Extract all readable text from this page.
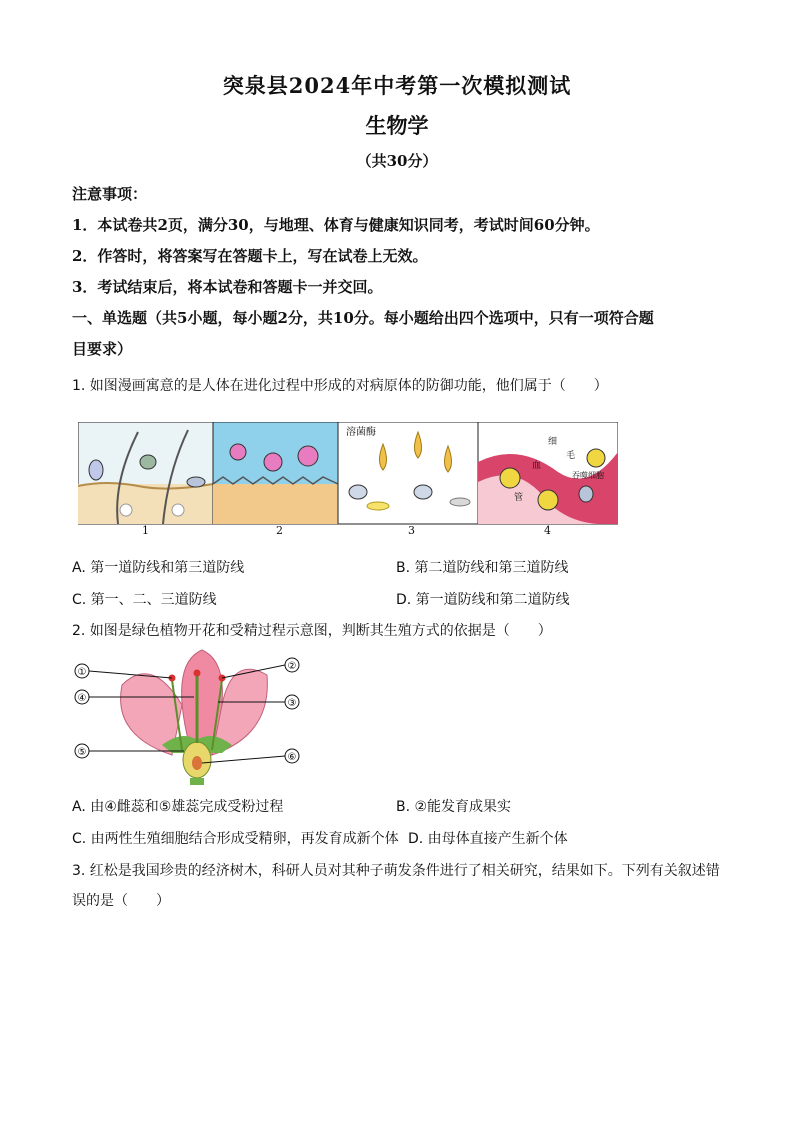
突泉县2024年中考第一次模拟测试
生物学
（共30分）
注意事项：
1．本试卷共2页，满分30，与地理、体育与健康知识同考，考试时间60分钟。
2．作答时，将答案写在答题卡上，写在试卷上无效。
3．考试结束后，将本试卷和答题卡一并交回。
一、单选题（共5小题，每小题2分，共10分。每小题给出四个选项中，只有一项符合题
目要求）
1. 如图漫画寓意的是人体在进化过程中形成的对病原体的防御功能，他们属于（　　）
溶菌酶
细
毛
血
管
吞噬细胞
1	2	3	4
A. 第一道防线和第三道防线	B. 第二道防线和第三道防线
C. 第一、二、三道防线	D. 第一道防线和第二道防线
2. 如图是绿色植物开花和受精过程示意图，判断其生殖方式的依据是（　　）
①
②
③
④
⑤	⑥
A. 由④雌蕊和⑤雄蕊完成受粉过程	B. ②能发育成果实
C. 由两性生殖细胞结合形成受精卵，再发育成新个体 D. 由母体直接产生新个体
3. 红松是我国珍贵的经济树木，科研人员对其种子萌发条件进行了相关研究，结果如下。下列有关叙述错
误的是（　　）
